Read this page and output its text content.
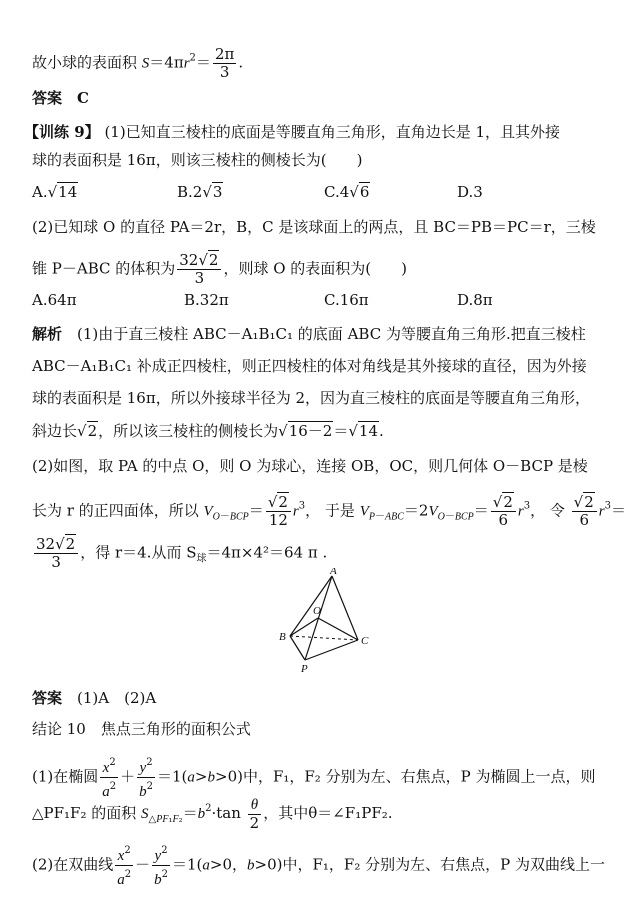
故小球的表面积 $S=4\pi r^2= \frac{2\pi}{3}$ .
答案　 C
【训练 9】 (1)已知直三棱柱的底面是等腰直角三角形，直角边长是 1，且其外接
球的表面积是 16π，则该三棱柱的侧棱长为(　　)
A.√14	B.2√3	C.4√6	D.3
(2)已知球 O 的直径 PA＝2r，B，C 是该球面上的两点，且 BC＝PB＝PC＝r，三棱
锥 P－ABC 的体积为 $\frac{32√2}{3}$ ，则球 O 的表面积为(　　)
A.64π	B.32π	C.16π	D.8π
解析　 (1)由于直三棱柱 ABC－A₁B₁C₁ 的底面 ABC 为等腰直角三角形.把直三棱柱
ABC－A₁B₁C₁ 补成正四棱柱，则正四棱柱的体对角线是其外接球的直径，因为外接
球的表面积是 16π，所以外接球半径为 2，因为直三棱柱的底面是等腰直角三角形，
斜边长√2，所以该三棱柱的侧棱长为√16－2＝√14.
(2)如图，取 PA 的中点 O，则 O 为球心，连接 OB，OC，则几何体 O－BCP 是棱
长为 r 的正四面体，所以 $V_{O-BCP}= \frac{√2}{12} r^3$， 于是 $V_{P-ABC}=2V_{O-BCP}= \frac{√2}{6} r^3$， 令 $\frac{√2}{6} r^3=$
$\frac{32√2}{3}$ ，得 r＝4.从而 $S_球=4\pi\times 4^2=64$ π .
A
O
B	C
P
答案　 (1)A　(2)A
结论 10　焦点三角形的面积公式
(1)在椭圆 $\frac{x^2}{a^2} + \frac{y^2}{b^2} =1(a>b>0)$中，F₁，F₂ 分别为左、右焦点，P 为椭圆上一点，则
△PF₁F₂ 的面积 $S_{\triangle PF_1F_2}=b^2\cdot\tan \frac{\theta}{2}$ ，其中θ＝∠F₁PF₂.
(2)在双曲线 $\frac{x^2}{a^2} - \frac{y^2}{b^2} =1(a>0$，b>0)中，F₁，F₂ 分别为左、右焦点，P 为双曲线上一
